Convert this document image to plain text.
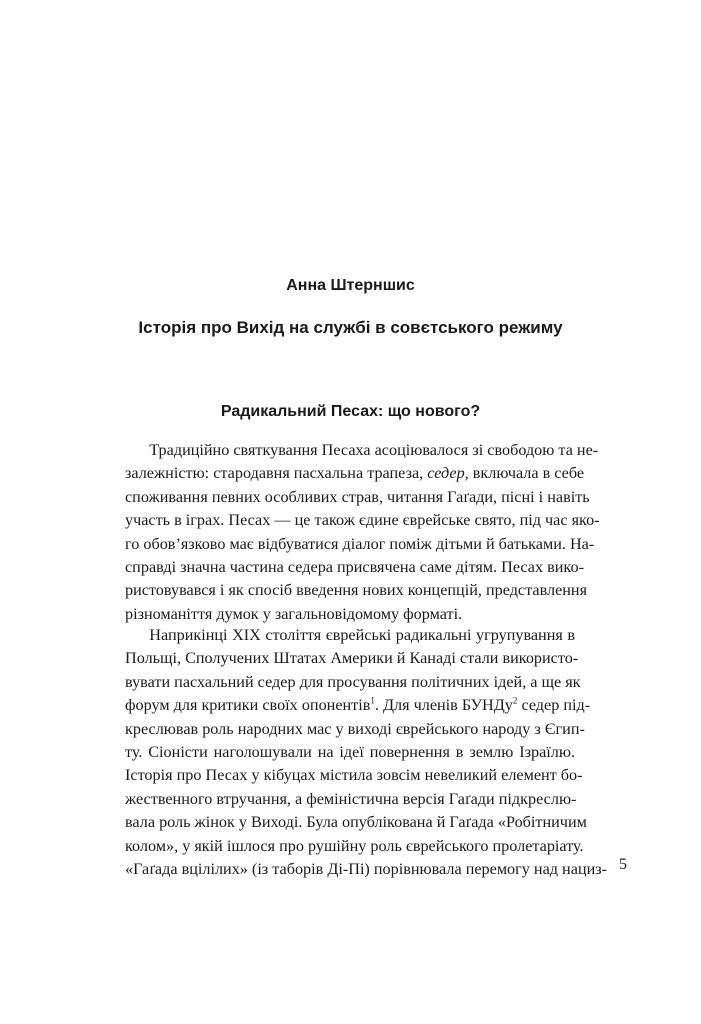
Анна Штерншис
Історія про Вихід на службі в совєтського режиму
Радикальний Песах: що нового?
  Традиційно святкування Песаха асоціювалося зі свободою та не-
залежністю: стародавня пасхальна трапеза, седер, включала в себе
споживання певних особливих страв, читання Гаґади, пісні і навіть
участь в іграх. Песах — це також єдине єврейське свято, під час яко-
го обов’язково має відбуватися діалог поміж дітьми й батьками. На-
справді значна частина седера присвячена саме дітям. Песах вико-
ристовувався і як спосіб введення нових концепцій, представлення
різноманіття думок у загальновідомому форматі.
  Наприкінці XIX століття єврейські радикальні угрупування в
Польщі, Сполучених Штатах Америки й Канаді стали використо-
вувати пасхальний седер для просування політичних ідей, а ще як
форум для критики своїх опонентів$^1$. Для членів БУНДу$^2$ седер під-
креслював роль народних мас у виході єврейського народу з Єгип-
ту. Сіоністи наголошували на ідеї повернення в землю Ізраїлю.
Історія про Песах у кібуцах містила зовсім невеликий елемент бо-
жественного втручання, а феміністична версія Гаґади підкреслю-
вала роль жінок у Виході. Була опублікована й Гаґада «Робітничим
колом», у якій ішлося про рушійну роль єврейського пролетаріату.
«Гаґада вцілілих» (із таборів Ді-Пі) порівнювала перемогу над нациз- 5
